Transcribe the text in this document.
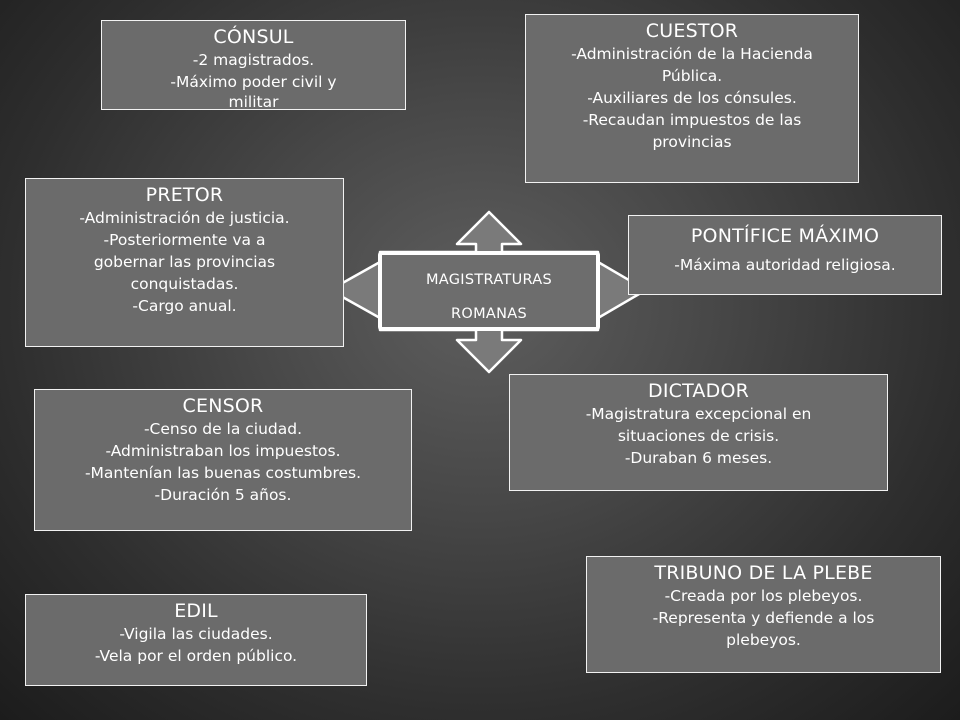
MAGISTRATURAS
ROMANAS
CÓNSUL
-2 magistrados.
-Máximo poder civil y
militar
CUESTOR
-Administración de la Hacienda
Pública.
-Auxiliares de los cónsules.
-Recaudan impuestos de las
provincias
PRETOR
-Administración de justicia.
-Posteriormente va a
gobernar las provincias
conquistadas.
-Cargo anual.
PONTÍFICE MÁXIMO
-Máxima autoridad religiosa.
CENSOR
-Censo de la ciudad.
-Administraban los impuestos.
-Mantenían las buenas costumbres.
-Duración 5 años.
DICTADOR
-Magistratura excepcional en
situaciones de crisis.
-Duraban 6 meses.
TRIBUNO DE LA PLEBE
-Creada por los plebeyos.
-Representa y defiende a los
plebeyos.
EDIL
-Vigila las ciudades.
-Vela por el orden público.
